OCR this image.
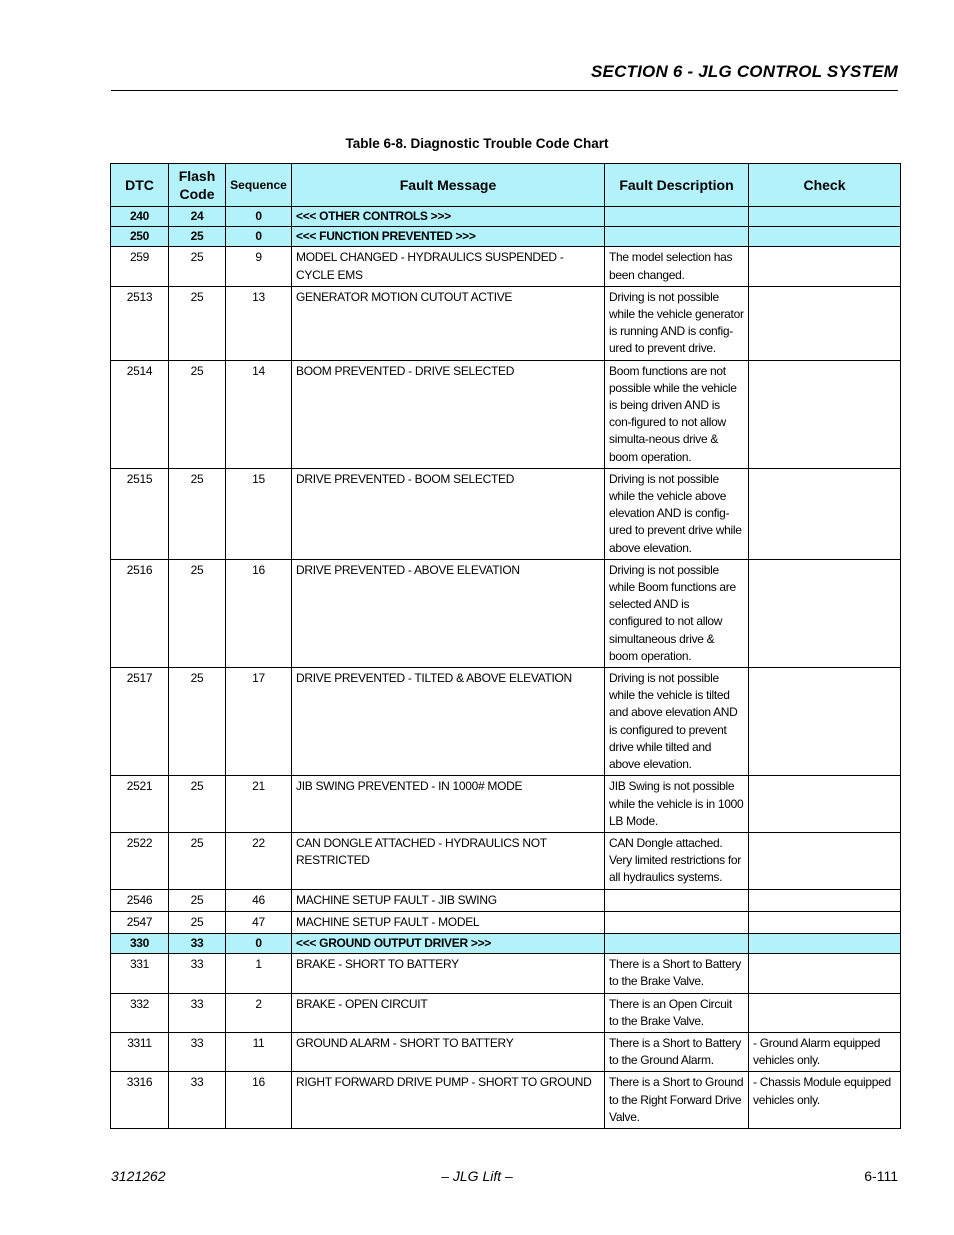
SECTION 6 - JLG CONTROL SYSTEM
Table 6-8. Diagnostic Trouble Code Chart
DTC	Flash Code	Sequence	Fault Message	Fault Description	Check
240	24	0	<<< OTHER CONTROLS >>>		
250	25	0	<<< FUNCTION PREVENTED >>>		
259	25	9	MODEL CHANGED - HYDRAULICS SUSPENDED - CYCLE EMS	The model selection has been changed.	
2513	25	13	GENERATOR MOTION CUTOUT ACTIVE	Driving is not possible while the vehicle generator is running AND is config-ured to prevent drive.	
2514	25	14	BOOM PREVENTED - DRIVE SELECTED	Boom functions are not possible while the vehicle is being driven AND is con-figured to not allow simulta-neous drive & boom operation.	
2515	25	15	DRIVE PREVENTED - BOOM SELECTED	Driving is not possible while the vehicle above elevation AND is config-ured to prevent drive while above elevation.	
2516	25	16	DRIVE PREVENTED - ABOVE ELEVATION	Driving is not possible while Boom functions are selected AND is configured to not allow simultaneous drive & boom operation.	
2517	25	17	DRIVE PREVENTED - TILTED & ABOVE ELEVATION	Driving is not possible while the vehicle is tilted and above elevation AND is configured to prevent drive while tilted and above elevation.	
2521	25	21	JIB SWING PREVENTED - IN 1000# MODE	JIB Swing is not possible while the vehicle is in 1000 LB Mode.	
2522	25	22	CAN DONGLE ATTACHED - HYDRAULICS NOT RESTRICTED	CAN Dongle attached. Very limited restrictions for all hydraulics systems.	
2546	25	46	MACHINE SETUP FAULT - JIB SWING		
2547	25	47	MACHINE SETUP FAULT - MODEL		
330	33	0	<<< GROUND OUTPUT DRIVER >>>		
331	33	1	BRAKE - SHORT TO BATTERY	There is a Short to Battery to the Brake Valve.	
332	33	2	BRAKE - OPEN CIRCUIT	There is an Open Circuit to the Brake Valve.	
3311	33	11	GROUND ALARM - SHORT TO BATTERY	There is a Short to Battery to the Ground Alarm.	- Ground Alarm equipped vehicles only.
3316	33	16	RIGHT FORWARD DRIVE PUMP - SHORT TO GROUND	There is a Short to Ground to the Right Forward Drive Valve.	- Chassis Module equipped vehicles only.
3121262	– JLG Lift –	6-111
